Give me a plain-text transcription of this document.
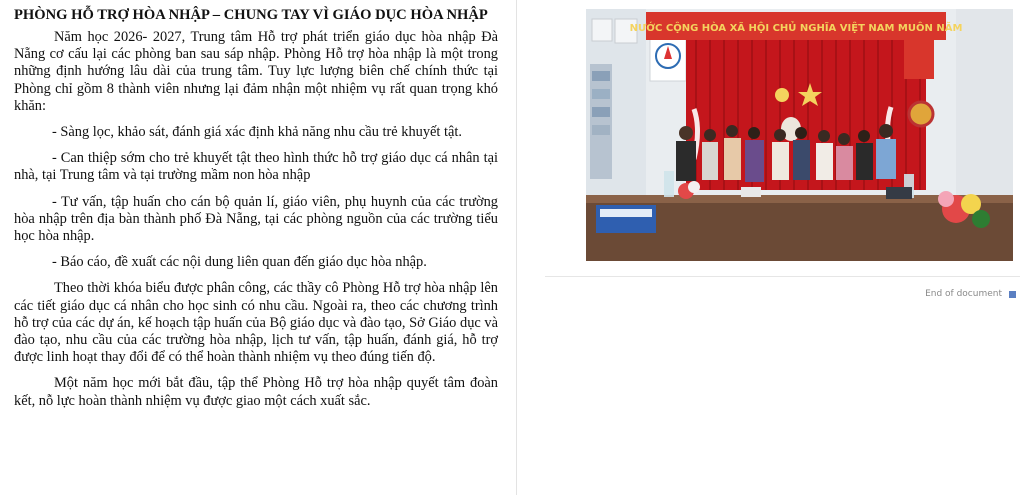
PHÒNG HỖ TRỢ HÒA NHẬP – CHUNG TAY VÌ GIÁO DỤC HÒA NHẬP

Năm học 2026- 2027, Trung tâm Hỗ trợ phát triển giáo dục hòa nhập Đà Nẵng cơ cấu lại các phòng ban sau sáp nhập. Phòng Hỗ trợ hòa nhập là một trong những định hướng lâu dài của trung tâm. Tuy lực lượng biên chế chính thức tại Phòng chỉ gồm 8 thành viên nhưng lại đảm nhận một nhiệm vụ rất quan trọng khó khăn:

- Sàng lọc, khảo sát, đánh giá xác định khả năng nhu cầu trẻ khuyết tật.

- Can thiệp sớm cho trẻ khuyết tật theo hình thức hỗ trợ giáo dục cá nhân tại nhà, tại Trung tâm và tại trường mầm non hòa nhập

- Tư vấn, tập huấn cho cán bộ quản lí, giáo viên, phụ huynh của các trường hòa nhập trên địa bàn thành phố Đà Nẵng, tại các phòng nguồn của các trường tiểu học hòa nhập.

- Báo cáo, đề xuất các nội dung liên quan đến giáo dục hòa nhập.

Theo thời khóa biểu được phân công, các thầy cô Phòng Hỗ trợ hòa nhập lên các tiết giáo dục cá nhân cho học sinh có nhu cầu. Ngoài ra, theo các chương trình hỗ trợ của các dự án, kế hoạch tập huấn của Bộ giáo dục và đào tạo, Sở Giáo dục và đào tạo, nhu cầu của các trường hòa nhập, lịch tư vấn, tập huấn, đánh giá, hỗ trợ được linh hoạt thay đổi để có thể hoàn thành nhiệm vụ theo đúng tiến độ.

Một năm học mới bắt đầu, tập thể Phòng Hỗ trợ hòa nhập quyết tâm đoàn kết, nỗ lực hoàn thành nhiệm vụ được giao một cách xuất sắc.

NƯỚC CỘNG HÒA XÃ HỘI CHỦ NGHĨA VIỆT NAM MUÔN NĂM
End of document
